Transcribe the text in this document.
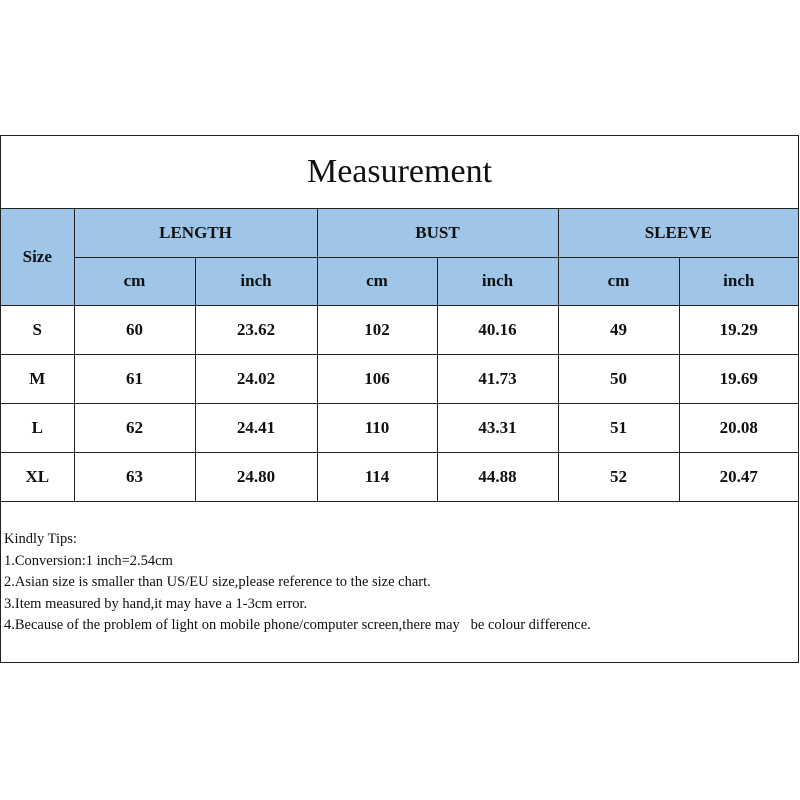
Measurement
Size	LENGTH		BUST		SLEEVE	
	cm	inch	cm	inch	cm	inch
S	60	23.62	102	40.16	49	19.29
M	61	24.02	106	41.73	50	19.69
L	62	24.41	110	43.31	51	20.08
XL	63	24.80	114	44.88	52	20.47
Kindly Tips:
1.Conversion:1 inch=2.54cm
2.Asian size is smaller than US/EU size,please reference to the size chart.
3.Item measured by hand,it may have a 1-3cm error.
4.Because of the problem of light on mobile phone/computer screen,there may   be colour difference.
